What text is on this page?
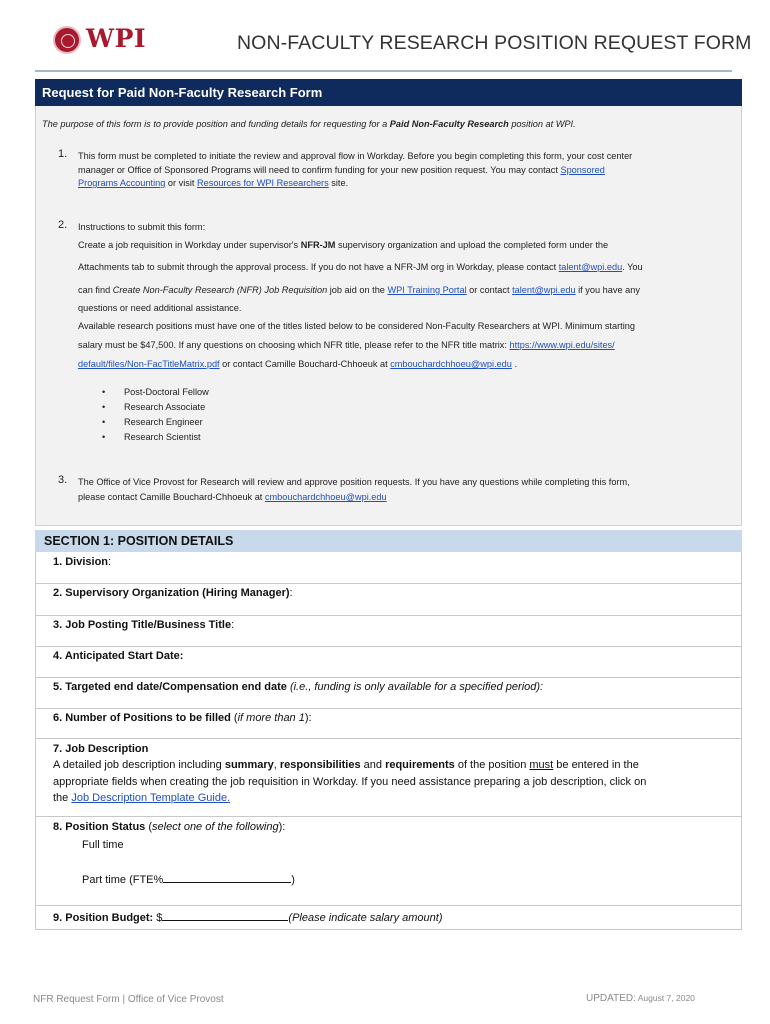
WPI	NON-FACULTY RESEARCH POSITION REQUEST FORM
Request for Paid Non-Faculty Research Form
The purpose of this form is to provide position and funding details for requesting for a Paid Non-Faculty Research position at WPI.
1. This form must be completed to initiate the review and approval flow in Workday. Before you begin completing this form, your cost center
manager or Office of Sponsored Programs will need to confirm funding for your new position request. You may contact Sponsored
Programs Accounting or visit Resources for WPI Researchers site.
2. Instructions to submit this form:
Create a job requisition in Workday under supervisor's NFR-JM supervisory organization and upload the completed form under the
Attachments tab to submit through the approval process. If you do not have a NFR-JM org in Workday, please contact talent@wpi.edu. You
can find Create Non-Faculty Research (NFR) Job Requisition job aid on the WPI Training Portal or contact talent@wpi.edu if you have any
questions or need additional assistance.
Available research positions must have one of the titles listed below to be considered Non-Faculty Researchers at WPI. Minimum starting
salary must be $47,500. If any questions on choosing which NFR title, please refer to the NFR title matrix: https://www.wpi.edu/sites/
default/files/Non-FacTitleMatrix.pdf or contact Camille Bouchard-Chhoeuk at cmbouchardchhoeu@wpi.edu .
• Post-Doctoral Fellow
• Research Associate
• Research Engineer
• Research Scientist
3. The Office of Vice Provost for Research will review and approve position requests. If you have any questions while completing this form,
please contact Camille Bouchard-Chhoeuk at cmbouchardchhoeu@wpi.edu
SECTION 1: POSITION DETAILS
1. Division:
2. Supervisory Organization (Hiring Manager):
3. Job Posting Title/Business Title:
4. Anticipated Start Date:
5. Targeted end date/Compensation end date (i.e., funding is only available for a specified period):
6. Number of Positions to be filled (if more than 1):
7. Job Description
A detailed job description including summary, responsibilities and requirements of the position must be entered in the
appropriate fields when creating the job requisition in Workday. If you need assistance preparing a job description, click on
the Job Description Template Guide.
8. Position Status (select one of the following):
Full time
Part time (FTE%	)
9. Position Budget: $	(Please indicate salary amount)
NFR Request Form | Office of Vice Provost	UPDATED: August 7, 2020
